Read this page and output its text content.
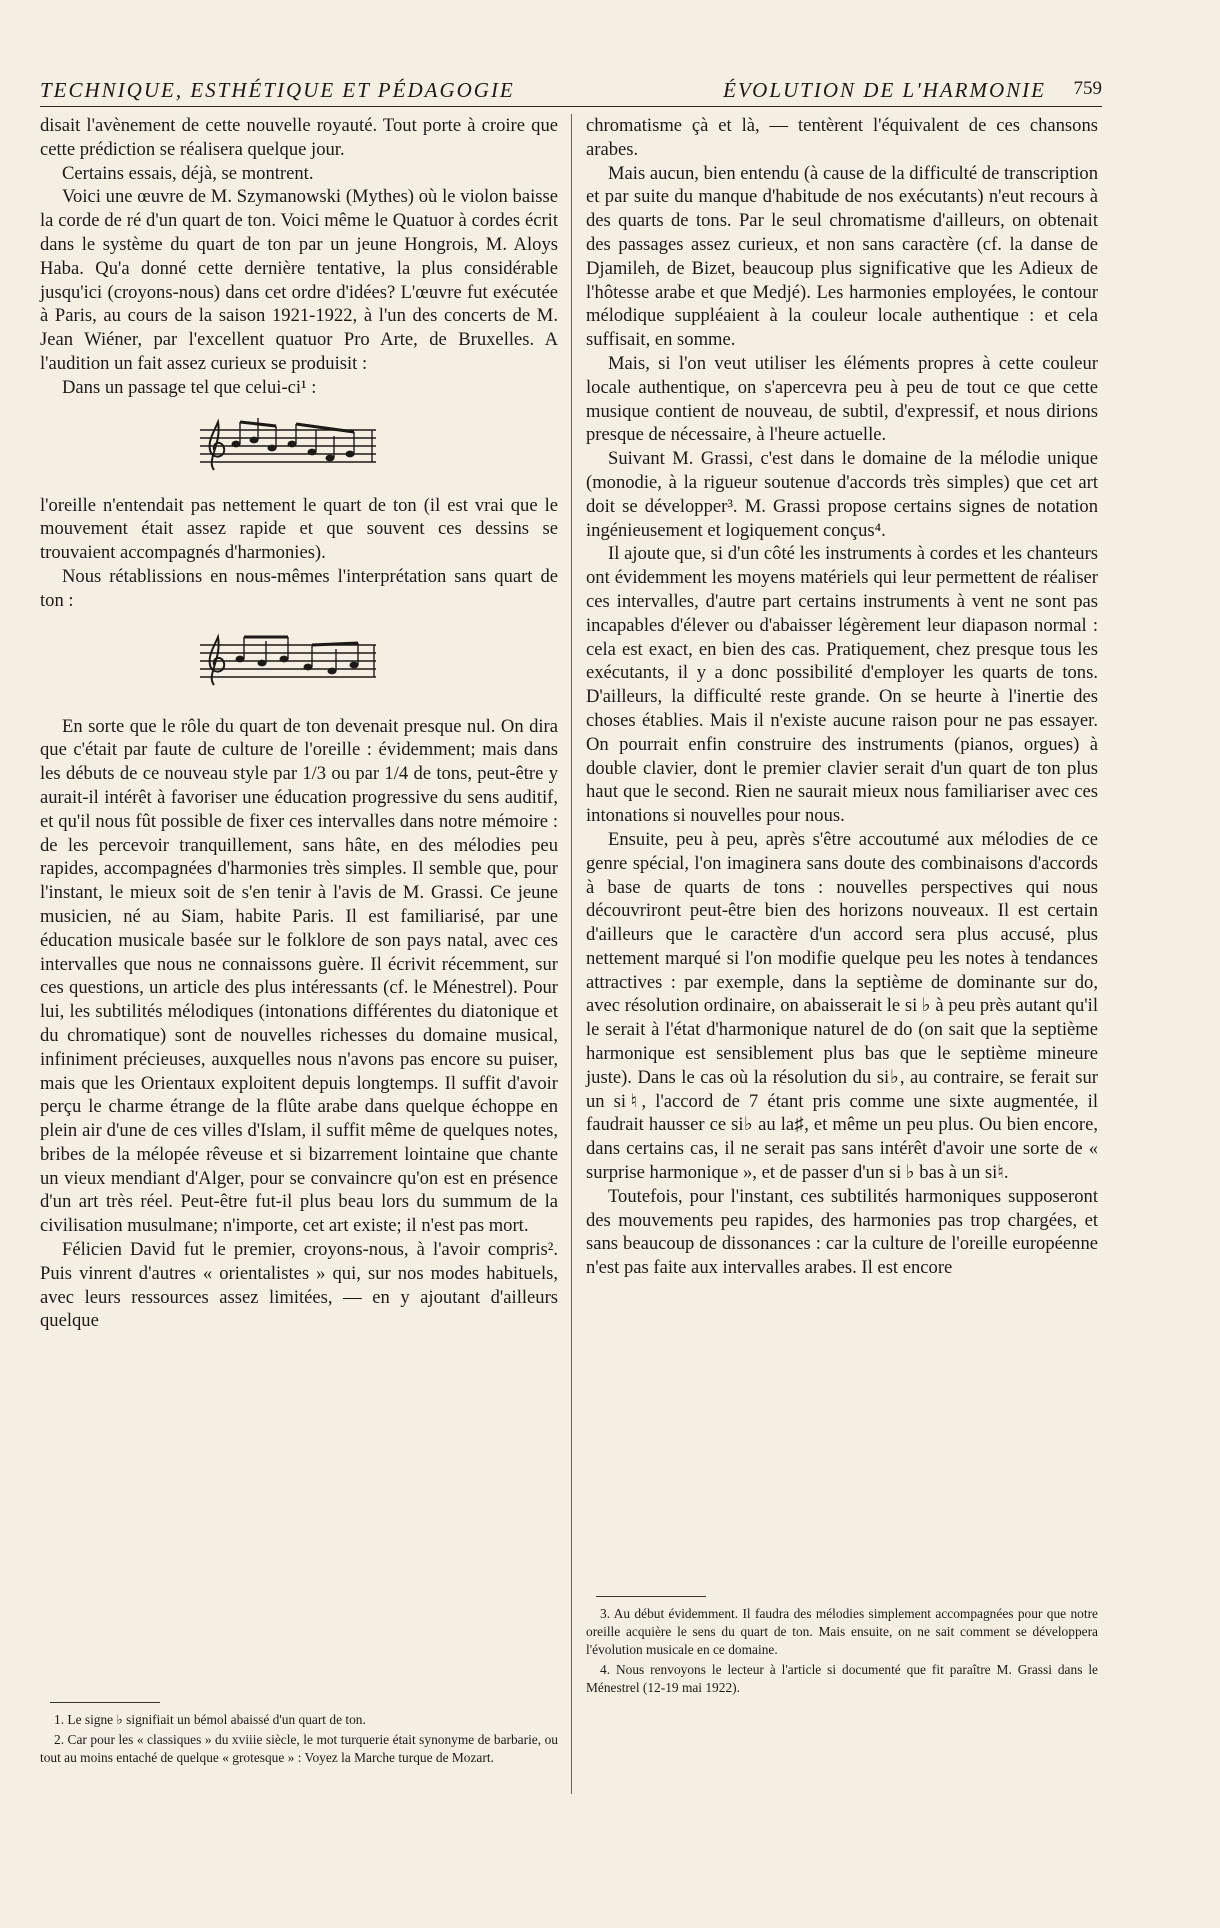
TECHNIQUE, ESTHÉTIQUE ET PÉDAGOGIE	ÉVOLUTION DE L'HARMONIE 759

disait l'avènement de cette nouvelle royauté. Tout porte à croire que cette prédiction se réalisera quelque jour.

Certains essais, déjà, se montrent.

Voici une œuvre de M. Szymanowski (Mythes) où le violon baisse la corde de ré d'un quart de ton. Voici même le Quatuor à cordes écrit dans le système du quart de ton par un jeune Hongrois, M. Aloys Haba. Qu'a donné cette dernière tentative, la plus considérable jusqu'ici (croyons-nous) dans cet ordre d'idées? L'œuvre fut exécutée à Paris, au cours de la saison 1921-1922, à l'un des concerts de M. Jean Wiéner, par l'excellent quatuor Pro Arte, de Bruxelles. A l'audition un fait assez curieux se produisit :

Dans un passage tel que celui-ci¹ :

l'oreille n'entendait pas nettement le quart de ton (il est vrai que le mouvement était assez rapide et que souvent ces dessins se trouvaient accompagnés d'harmonies).

Nous rétablissions en nous-mêmes l'interprétation sans quart de ton :

En sorte que le rôle du quart de ton devenait presque nul. On dira que c'était par faute de culture de l'oreille : évidemment; mais dans les débuts de ce nouveau style par 1/3 ou par 1/4 de tons, peut-être y aurait-il intérêt à favoriser une éducation progressive du sens auditif, et qu'il nous fût possible de fixer ces intervalles dans notre mémoire : de les percevoir tranquillement, sans hâte, en des mélodies peu rapides, accompagnées d'harmonies très simples. Il semble que, pour l'instant, le mieux soit de s'en tenir à l'avis de M. Grassi. Ce jeune musicien, né au Siam, habite Paris. Il est familiarisé, par une éducation musicale basée sur le folklore de son pays natal, avec ces intervalles que nous ne connaissons guère. Il écrivit récemment, sur ces questions, un article des plus intéressants (cf. le Ménestrel). Pour lui, les subtilités mélodiques (intonations différentes du diatonique et du chromatique) sont de nouvelles richesses du domaine musical, infiniment précieuses, auxquelles nous n'avons pas encore su puiser, mais que les Orientaux exploitent depuis longtemps. Il suffit d'avoir perçu le charme étrange de la flûte arabe dans quelque échoppe en plein air d'une de ces villes d'Islam, il suffit même de quelques notes, bribes de la mélopée rêveuse et si bizarrement lointaine que chante un vieux mendiant d'Alger, pour se convaincre qu'on est en présence d'un art très réel. Peut-être fut-il plus beau lors du summum de la civilisation musulmane; n'importe, cet art existe; il n'est pas mort.

Félicien David fut le premier, croyons-nous, à l'avoir compris². Puis vinrent d'autres « orientalistes » qui, sur nos modes habituels, avec leurs ressources assez limitées, — en y ajoutant d'ailleurs quelque

chromatisme çà et là, — tentèrent l'équivalent de ces chansons arabes.

Mais aucun, bien entendu (à cause de la difficulté de transcription et par suite du manque d'habitude de nos exécutants) n'eut recours à des quarts de tons. Par le seul chromatisme d'ailleurs, on obtenait des passages assez curieux, et non sans caractère (cf. la danse de Djamileh, de Bizet, beaucoup plus significative que les Adieux de l'hôtesse arabe et que Medjé). Les harmonies employées, le contour mélodique suppléaient à la couleur locale authentique : et cela suffisait, en somme.

Mais, si l'on veut utiliser les éléments propres à cette couleur locale authentique, on s'apercevra peu à peu de tout ce que cette musique contient de nouveau, de subtil, d'expressif, et nous dirions presque de nécessaire, à l'heure actuelle.

Suivant M. Grassi, c'est dans le domaine de la mélodie unique (monodie, à la rigueur soutenue d'accords très simples) que cet art doit se développer³. M. Grassi propose certains signes de notation ingénieusement et logiquement conçus⁴.

Il ajoute que, si d'un côté les instruments à cordes et les chanteurs ont évidemment les moyens matériels qui leur permettent de réaliser ces intervalles, d'autre part certains instruments à vent ne sont pas incapables d'élever ou d'abaisser légèrement leur diapason normal : cela est exact, en bien des cas. Pratiquement, chez presque tous les exécutants, il y a donc possibilité d'employer les quarts de tons. D'ailleurs, la difficulté reste grande. On se heurte à l'inertie des choses établies. Mais il n'existe aucune raison pour ne pas essayer. On pourrait enfin construire des instruments (pianos, orgues) à double clavier, dont le premier clavier serait d'un quart de ton plus haut que le second. Rien ne saurait mieux nous familiariser avec ces intonations si nouvelles pour nous.

Ensuite, peu à peu, après s'être accoutumé aux mélodies de ce genre spécial, l'on imaginera sans doute des combinaisons d'accords à base de quarts de tons : nouvelles perspectives qui nous découvriront peut-être bien des horizons nouveaux. Il est certain d'ailleurs que le caractère d'un accord sera plus accusé, plus nettement marqué si l'on modifie quelque peu les notes à tendances attractives : par exemple, dans la septième de dominante sur do, avec résolution ordinaire, on abaisserait le si ♭ à peu près autant qu'il le serait à l'état d'harmonique naturel de do (on sait que la septième harmonique est sensiblement plus bas que le septième mineure juste). Dans le cas où la résolution du si♭, au contraire, se ferait sur un si♮, l'accord de 7 étant pris comme une sixte augmentée, il faudrait hausser ce si♭ au la♯, et même un peu plus. Ou bien encore, dans certains cas, il ne serait pas sans intérêt d'avoir une sorte de « surprise harmonique », et de passer d'un si ♭ bas à un si♮.

Toutefois, pour l'instant, ces subtilités harmoniques supposeront des mouvements peu rapides, des harmonies pas trop chargées, et sans beaucoup de dissonances : car la culture de l'oreille européenne n'est pas faite aux intervalles arabes. Il est encore

1. Le signe ♭ signifiait un bémol abaissé d'un quart de ton.

2. Car pour les « classiques » du xviiie siècle, le mot turquerie était synonyme de barbarie, ou tout au moins entaché de quelque « grotesque » : Voyez la Marche turque de Mozart.

3. Au début évidemment. Il faudra des mélodies simplement accompagnées pour que notre oreille acquière le sens du quart de ton. Mais ensuite, on ne sait comment se développera l'évolution musicale en ce domaine.

4. Nous renvoyons le lecteur à l'article si documenté que fit paraître M. Grassi dans le Ménestrel (12-19 mai 1922).
